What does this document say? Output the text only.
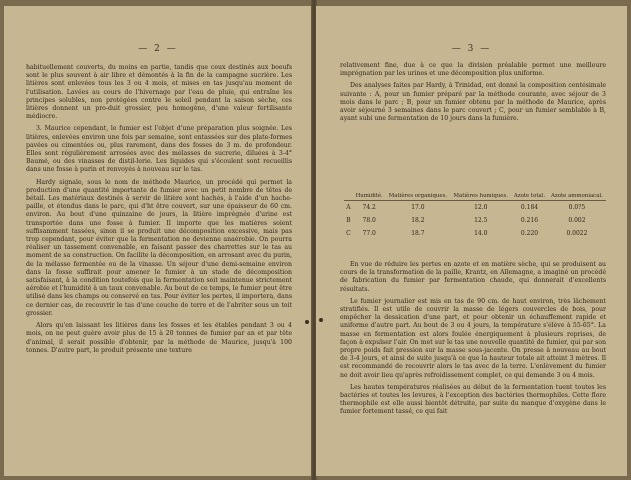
— 2 —

habituellement couverts, du moins en partie, tandis que ceux destinés aux boeufs sont le plus souvent à air libre et démontés à la fin de la campagne sucrière. Les litières sont enlevées tous les 3 ou 4 mois, et mises en tas jusqu'au moment de l'utilisation. Lavées au cours de l'hivernage par l'eau de pluie, qui entraîne les principes solubles, non protégées contre le soleil pendant la saison sèche, ces litières donnent un pro-duit grossier, peu homogène, d'une valeur fertilisante médiocre.

3. Maurice cependant, le fumier est l'objet d'une préparation plus soignée. Les litières, enlevées environ une fois par semaine, sont entassées sur des plate-formes pavées ou cimentées ou, plus rarement, dans des fosses de 3 m. de profondeur. Elles sont régulièrement arrosées avec des mélasses de sucrerie, diluées à 3-4° Baumé, ou des vinasses de distil-lerie. Les liquides qui s'écoulent sont recueillis dans une fosse à purin et renvoyés à nouveau sur le tas.

Hardy signale, sous le nom de méthode Maurice, un procédé qui permet la production d'une quantité importante de fumier avec un petit nombre de têtes de bétail. Les matériaux destinés à servir de litière sont hachés, à l'aide d'un hache-paille, et étendus dans le parc, qui d'ht être couvert, sur une épaisseur de 60 cm. environ. Au bout d'une quinzaine de jours, la litière imprégnée d'urine est transportée dans une fosse à fumier. Il importe que les matières soient suffisamment tassées, sinon il se produit une décomposition excessive, mais pas trop cependant, pour éviter que la fermentation ne devienne anaérobie. On pourra réaliser un tassement convenable, en faisant passer des charrettes sur le tas au moment de sa construction. On facilite la décomposition, en arrosant avec du purin, de la mélasse fermentée ou de la vinasse. Un séjour d'une demi-semaine environ dans la fosse suffirait pour amener le fumier à un stade de décomposition satisfaisant, à la condition toutefois que la fermentation soit maintenue strictement aérobie et l'humidité à un taux convenable. Au bout de ce temps, le fumier peut être utilisé dans les champs ou conservé en tas. Pour éviter les pertes, il importera, dans ce dernier cas, de recouvrir le tas d'une couche de terre et de l'abriter sous un toit grossier.

Alors qu'en laissant les litières dans les fosses et les étables pendant 3 ou 4 mois, on ne peut guère avoir plus de 15 à 20 tonnes de fumier par an et par tête d'animal, il serait possible d'obtenir, par la méthode de Maurice, jusqu'à 100 tonnes. D'autre part, le produit présente une texture

— 3 —

relativement fine, due à ce que la division préalable permet une meilleure imprégnation par les urines et une décomposition plus uniforme.

Des analyses faites par Hardy, à Trinidad, ont donné la composition centésimale suivante : A, pour un fumier préparé par la méthode courante, avec séjour de 3 mois dans le parc ; B, pour un fumier obtenu par la méthode de Maurice, après avoir séjourné 3 semaines dans le parc couvert ; C, pour un fumier semblable à B, ayant subi une fermentation de 10 jours dans la fumière.

	Humidité.	Matières organiques.	Matières humiques.	Azote total.	Azote ammoniacal.
A	74.2	17.0	12.0	0.184	0.0?5
B	78.0	18.2	12.5	0.216	0.002
C	77.0	18.7	14.0	0.220	0.0022

En vue de réduire les pertes en azote et en matière sèche, qui se produisent au cours de la transformation de la paille, Krantz, en Allemagne, a imaginé un procédé de fabrication du fumier par fermentation chaude, qui donnerait d'excellents résultats.

Le fumier journalier est mis en tas de 90 cm. de haut environ, très lâchement stratifiés. Il est utile de couvrir la masse de légers couvercles de bois, pour empêcher la dessication d'une part, et pour obtenir un échauffement rapide et uniforme d'autre part. Au bout de 3 ou 4 jours, la température s'élève à 55-65°. La masse en fermentation est alors foulée énergiquement à plusieurs reprises, de façon à expulser l'air. On met sur le tas une nouvelle quantité de fumier, qui par son propre poids fait pression sur la masse sous-jacente. On presse à nouveau au bout de 3-4 jours, et ainsi de suite jusqu'à ce que la hauteur totale ait atteint 3 mètres. Il est recommandé de recouvrir alors le tas avec de la terre. L'enlèvement du fumier ne doit avoir lieu qu'après refroidissement complet, ce qui demande 3 ou 4 mois.

Les hautes températures réalisées au début de la fermentation tuent toutes les bactéries et toutes les levures, à l'exception des bactéries thermophiles. Cette flore thermophile est elle aussi bientôt détruite, par suite du manque d'oxygène dans le fumier fortement tassé, ce qui fait
